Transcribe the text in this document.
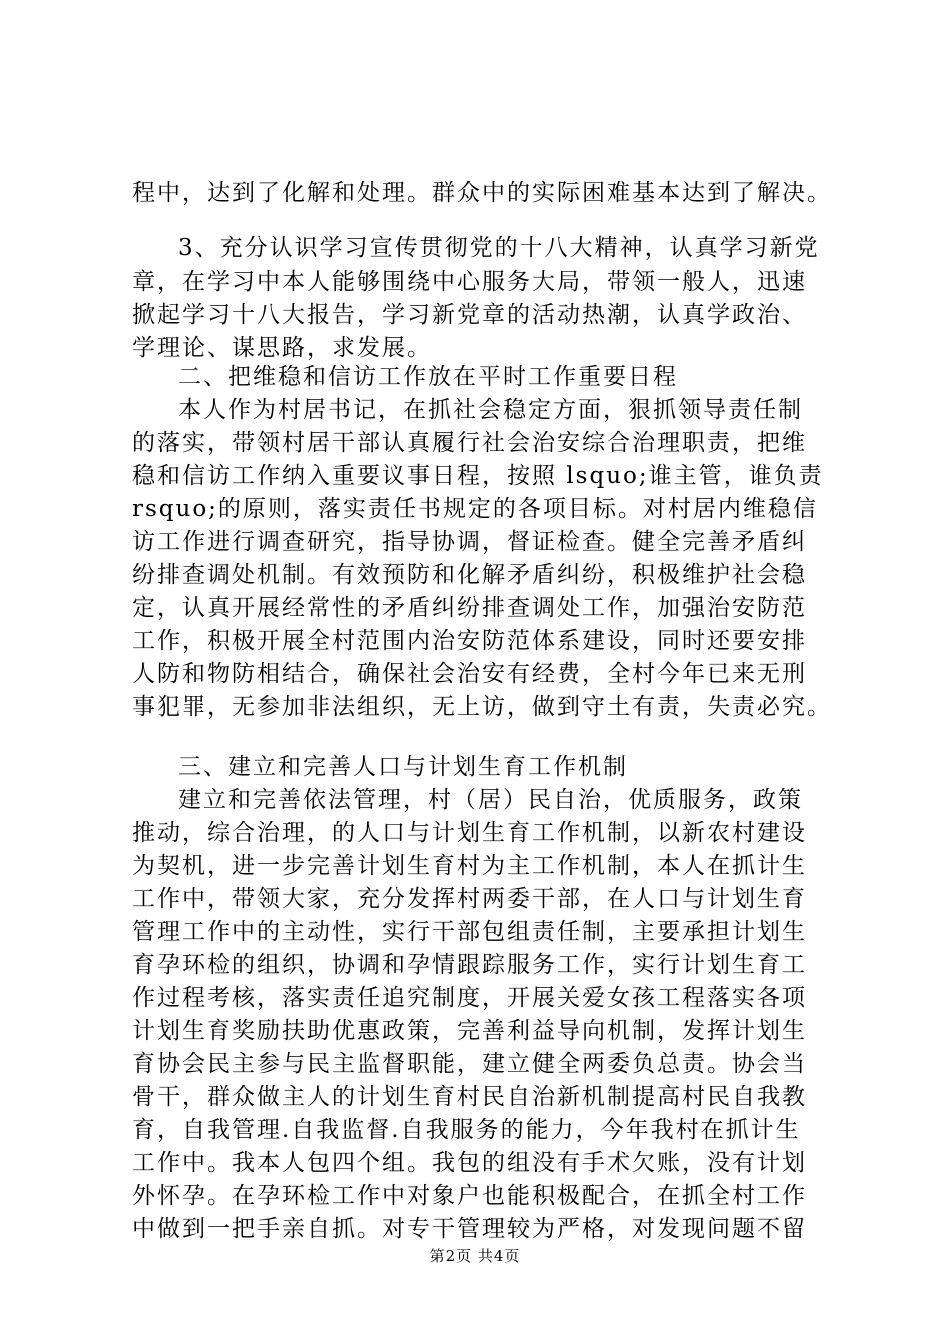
程中，达到了化解和处理。群众中的实际困难基本达到了解决。
3、充分认识学习宣传贯彻党的十八大精神，认真学习新党
章，在学习中本人能够围绕中心服务大局，带领一般人，迅速
掀起学习十八大报告，学习新党章的活动热潮，认真学政治、
学理论、谋思路，求发展。
二、把维稳和信访工作放在平时工作重要日程
本人作为村居书记，在抓社会稳定方面，狠抓领导责任制
的落实，带领村居干部认真履行社会治安综合治理职责，把维
稳和信访工作纳入重要议事日程，按照 lsquo;谁主管，谁负责
rsquo;的原则，落实责任书规定的各项目标。对村居内维稳信
访工作进行调查研究，指导协调，督证检查。健全完善矛盾纠
纷排查调处机制。有效预防和化解矛盾纠纷，积极维护社会稳
定，认真开展经常性的矛盾纠纷排查调处工作，加强治安防范
工作，积极开展全村范围内治安防范体系建设，同时还要安排
人防和物防相结合，确保社会治安有经费，全村今年已来无刑
事犯罪，无参加非法组织，无上访，做到守土有责，失责必究。
三、建立和完善人口与计划生育工作机制
建立和完善依法管理，村（居）民自治，优质服务，政策
推动，综合治理，的人口与计划生育工作机制，以新农村建设
为契机，进一步完善计划生育村为主工作机制，本人在抓计生
工作中，带领大家，充分发挥村两委干部，在人口与计划生育
管理工作中的主动性，实行干部包组责任制，主要承担计划生
育孕环检的组织，协调和孕情跟踪服务工作，实行计划生育工
作过程考核，落实责任追究制度，开展关爱女孩工程落实各项
计划生育奖励扶助优惠政策，完善利益导向机制，发挥计划生
育协会民主参与民主监督职能，建立健全两委负总责。协会当
骨干，群众做主人的计划生育村民自治新机制提高村民自我教
育，自我管理.自我监督.自我服务的能力，今年我村在抓计生
工作中。我本人包四个组。我包的组没有手术欠账，没有计划
外怀孕。在孕环检工作中对象户也能积极配合，在抓全村工作
中做到一把手亲自抓。对专干管理较为严格，对发现问题不留
第2页 共4页
